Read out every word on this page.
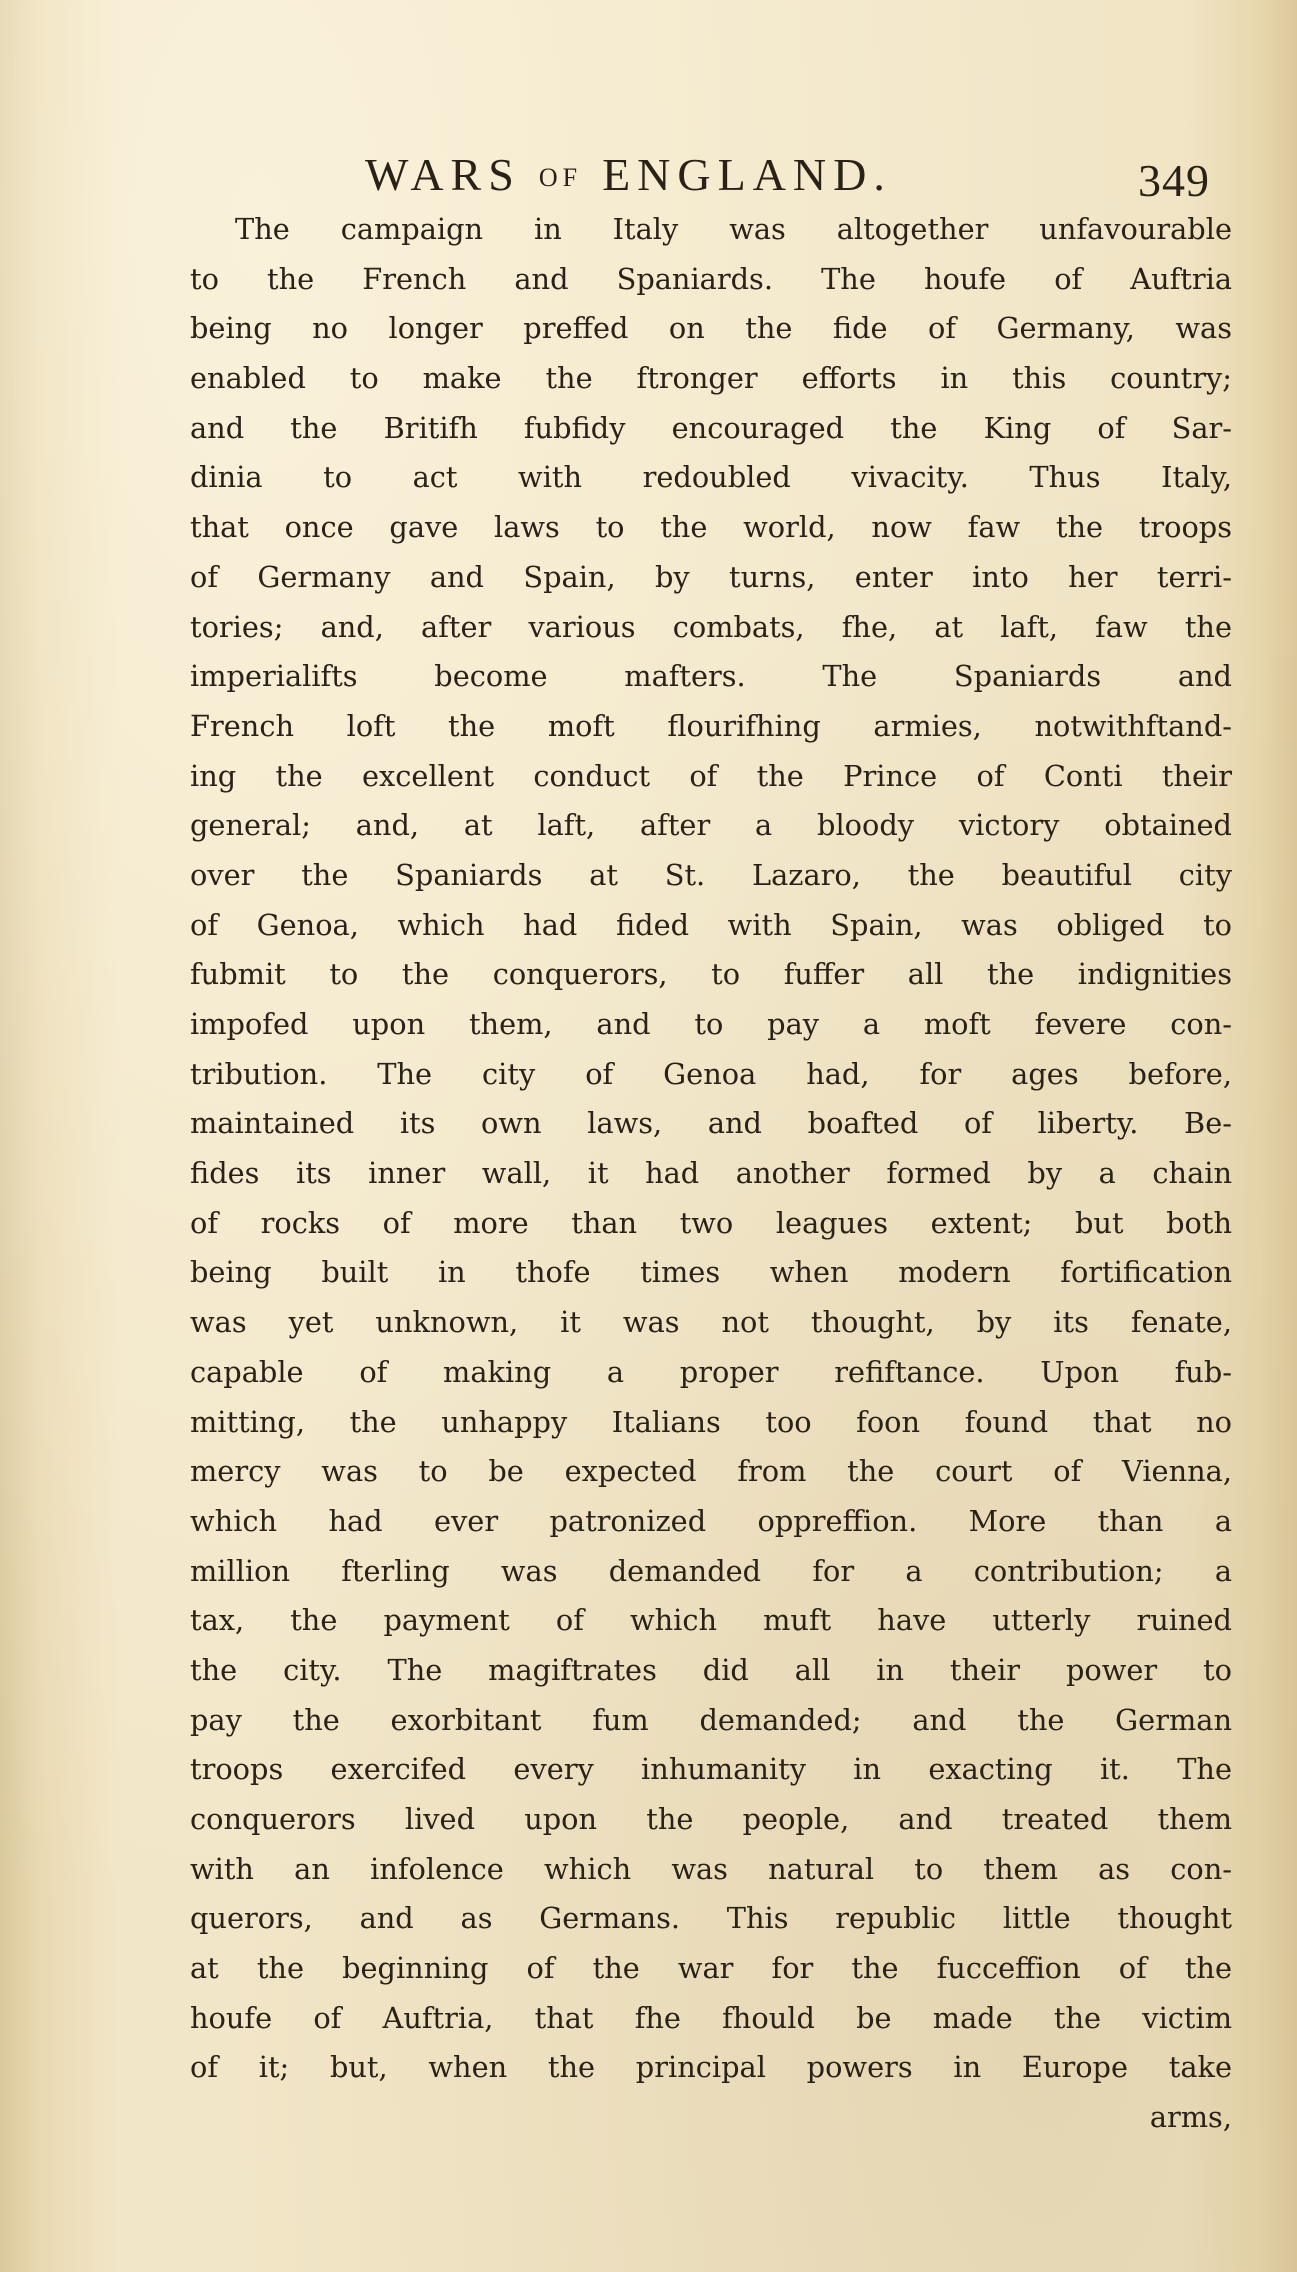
WARS OF ENGLAND.	349
The campaign in Italy was altogether unfavourable
to the French and Spaniards. The houfe of Auftria
being no longer preffed on the fide of Germany, was
enabled to make the ftronger efforts in this country;
and the Britifh fubfidy encouraged the King of Sar-
dinia to act with redoubled vivacity. Thus Italy,
that once gave laws to the world, now faw the troops
of Germany and Spain, by turns, enter into her terri-
tories; and, after various combats, fhe, at laft, faw the
imperialifts become mafters. The Spaniards and
French loft the moft flourifhing armies, notwithftand-
ing the excellent conduct of the Prince of Conti their
general; and, at laft, after a bloody victory obtained
over the Spaniards at St. Lazaro, the beautiful city
of Genoa, which had fided with Spain, was obliged to
fubmit to the conquerors, to fuffer all the indignities
impofed upon them, and to pay a moft fevere con-
tribution. The city of Genoa had, for ages before,
maintained its own laws, and boafted of liberty. Be-
fides its inner wall, it had another formed by a chain
of rocks of more than two leagues extent; but both
being built in thofe times when modern fortification
was yet unknown, it was not thought, by its fenate,
capable of making a proper refiftance. Upon fub-
mitting, the unhappy Italians too foon found that no
mercy was to be expected from the court of Vienna,
which had ever patronized oppreffion. More than a
million fterling was demanded for a contribution; a
tax, the payment of which muft have utterly ruined
the city. The magiftrates did all in their power to
pay the exorbitant fum demanded; and the German
troops exercifed every inhumanity in exacting it. The
conquerors lived upon the people, and treated them
with an infolence which was natural to them as con-
querors, and as Germans. This republic little thought
at the beginning of the war for the fucceffion of the
houfe of Auftria, that fhe fhould be made the victim
of it; but, when the principal powers in Europe take
arms,
